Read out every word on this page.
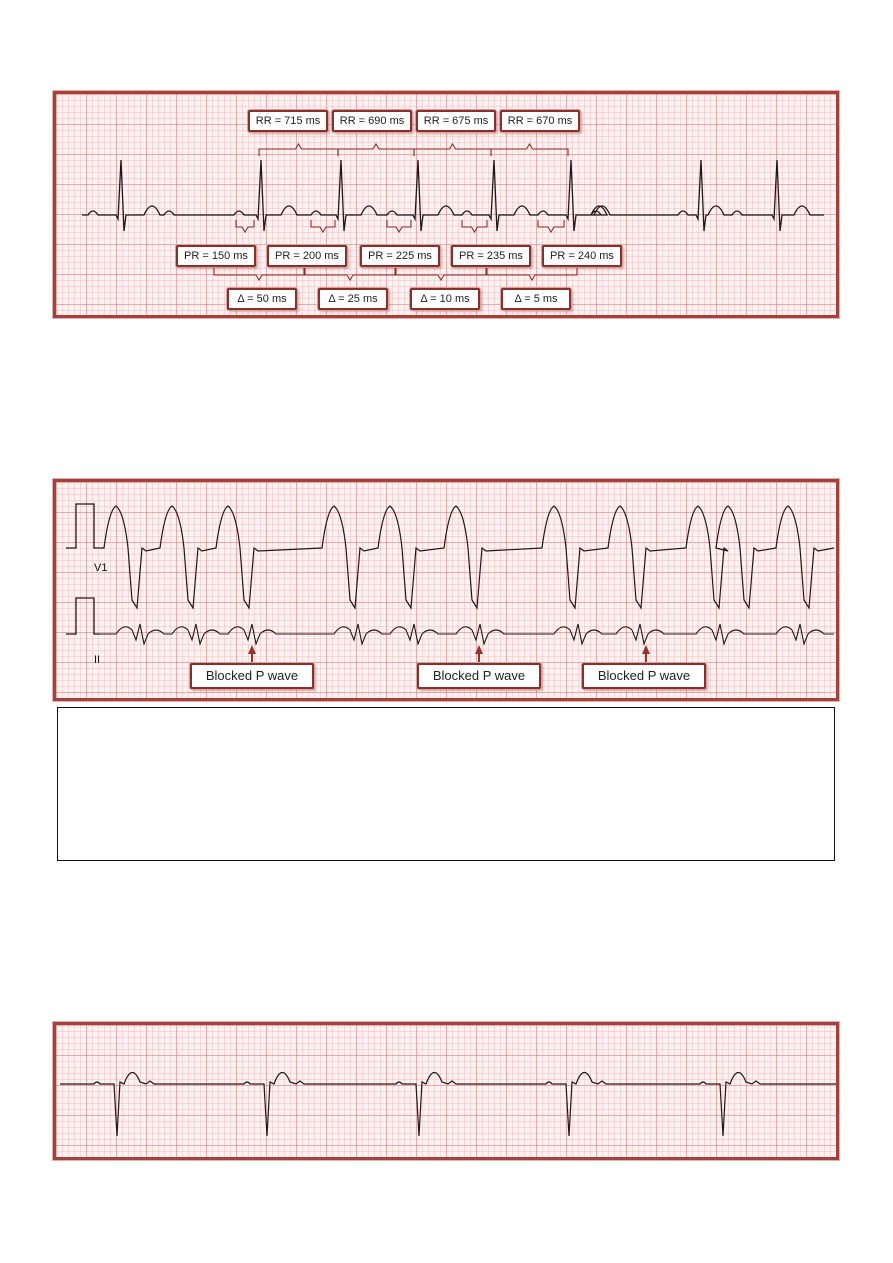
RR = 715 ms	RR = 690 ms	RR = 675 ms	RR = 670 ms
PR = 150 ms	PR = 200 ms	PR = 225 ms	PR = 235 ms	PR = 240 ms
Δ = 50 ms	Δ = 25 ms	Δ = 10 ms	Δ = 5 ms
V1
II
Blocked P wave	Blocked P wave	Blocked P wave
